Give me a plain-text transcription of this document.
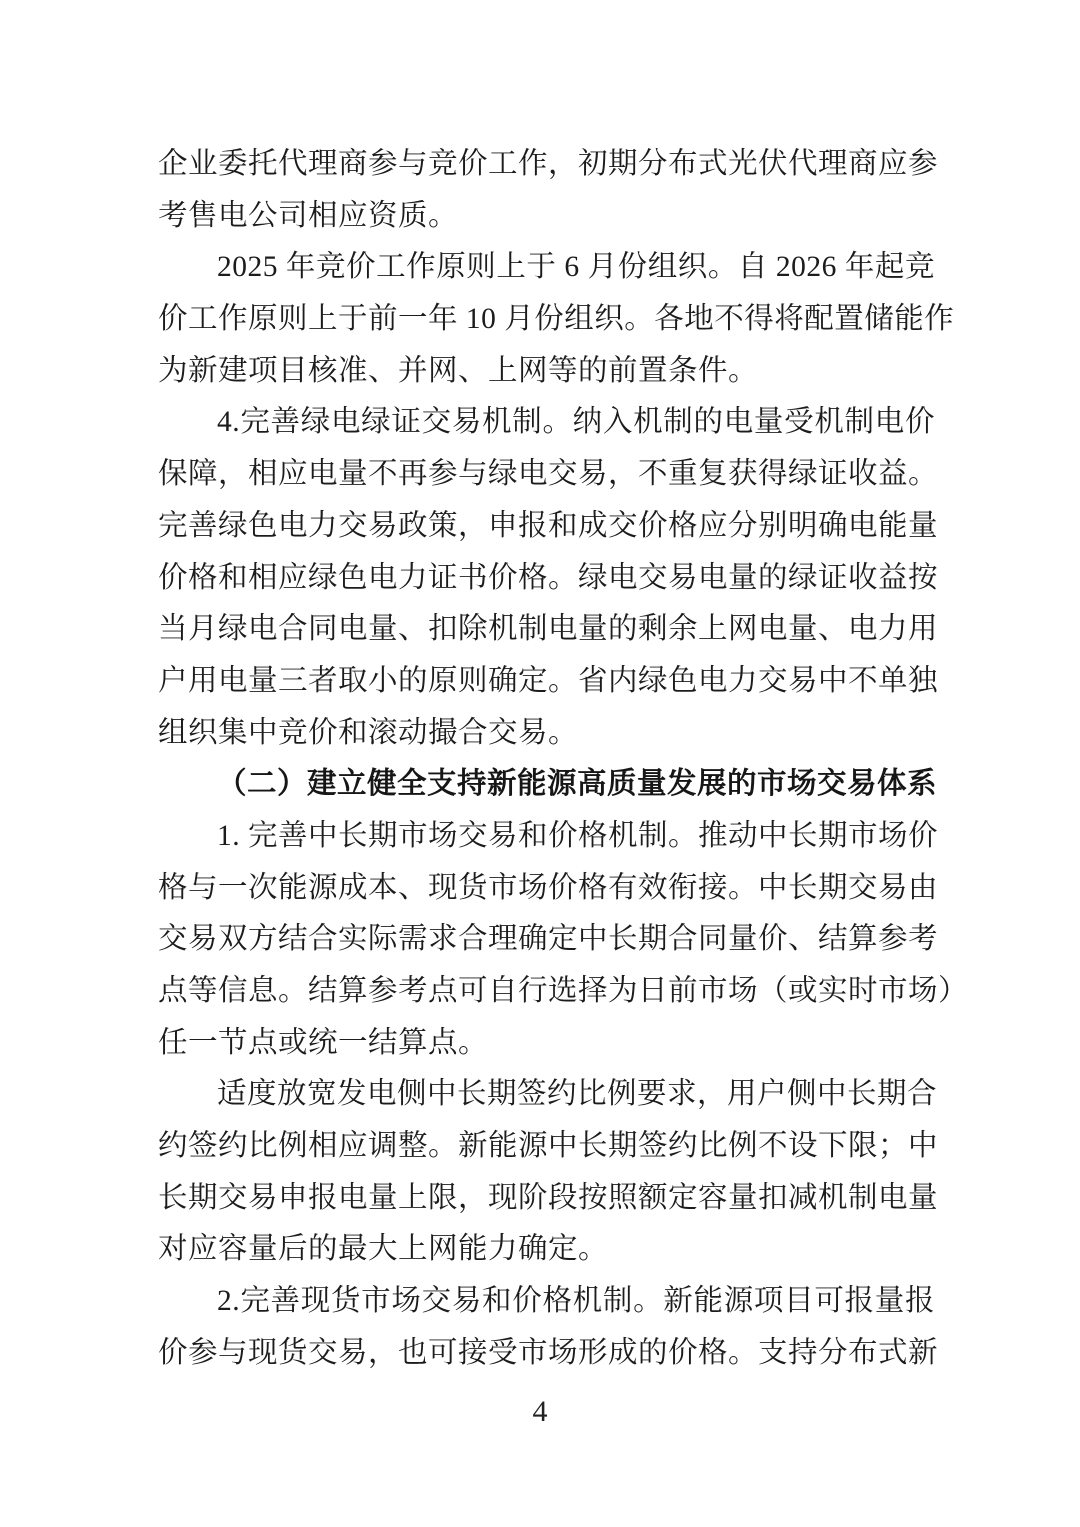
企业委托代理商参与竞价工作，初期分布式光伏代理商应参
考售电公司相应资质。
2025 年竞价工作原则上于 6 月份组织。自 2026 年起竞
价工作原则上于前一年 10 月份组织。各地不得将配置储能作
为新建项目核准、并网、上网等的前置条件。
4.完善绿电绿证交易机制。纳入机制的电量受机制电价
保障，相应电量不再参与绿电交易，不重复获得绿证收益。
完善绿色电力交易政策，申报和成交价格应分别明确电能量
价格和相应绿色电力证书价格。绿电交易电量的绿证收益按
当月绿电合同电量、扣除机制电量的剩余上网电量、电力用
户用电量三者取小的原则确定。省内绿色电力交易中不单独
组织集中竞价和滚动撮合交易。
（二）建立健全支持新能源高质量发展的市场交易体系
1. 完善中长期市场交易和价格机制。推动中长期市场价
格与一次能源成本、现货市场价格有效衔接。中长期交易由
交易双方结合实际需求合理确定中长期合同量价、结算参考
点等信息。结算参考点可自行选择为日前市场（或实时市场）
任一节点或统一结算点。
适度放宽发电侧中长期签约比例要求，用户侧中长期合
约签约比例相应调整。新能源中长期签约比例不设下限；中
长期交易申报电量上限，现阶段按照额定容量扣减机制电量
对应容量后的最大上网能力确定。
2.完善现货市场交易和价格机制。新能源项目可报量报
价参与现货交易，也可接受市场形成的价格。支持分布式新
4
